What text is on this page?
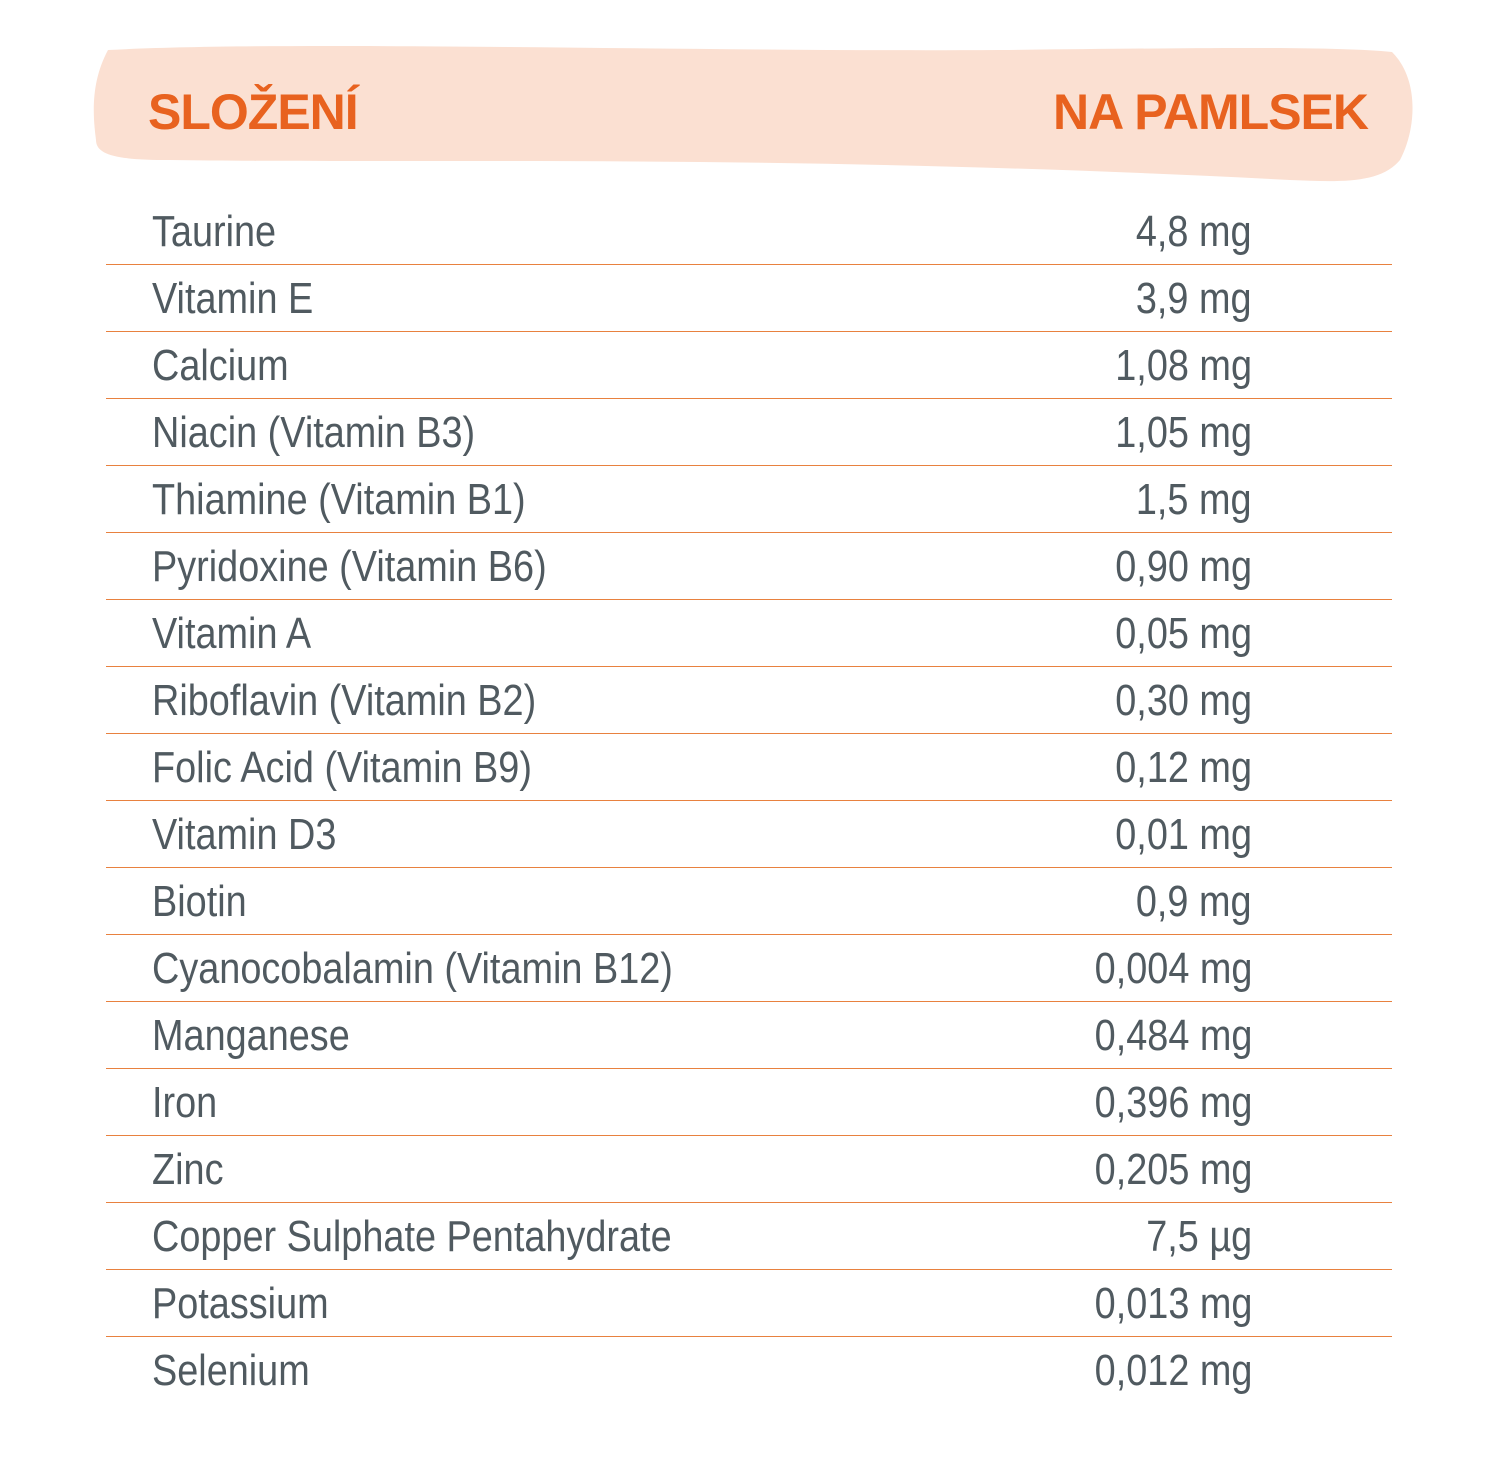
SLOŽENÍ	NA PAMLSEK
Taurine	4,8 mg
Vitamin E	3,9 mg
Calcium	1,08 mg
Niacin (Vitamin B3)	1,05 mg
Thiamine (Vitamin B1)	1,5 mg
Pyridoxine (Vitamin B6)	0,90 mg
Vitamin A	0,05 mg
Riboflavin (Vitamin B2)	0,30 mg
Folic Acid (Vitamin B9)	0,12 mg
Vitamin D3	0,01 mg
Biotin	0,9 mg
Cyanocobalamin (Vitamin B12)	0,004 mg
Manganese	0,484 mg
Iron	0,396 mg
Zinc	0,205 mg
Copper Sulphate Pentahydrate	7,5 µg
Potassium	0,013 mg
Selenium	0,012 mg
